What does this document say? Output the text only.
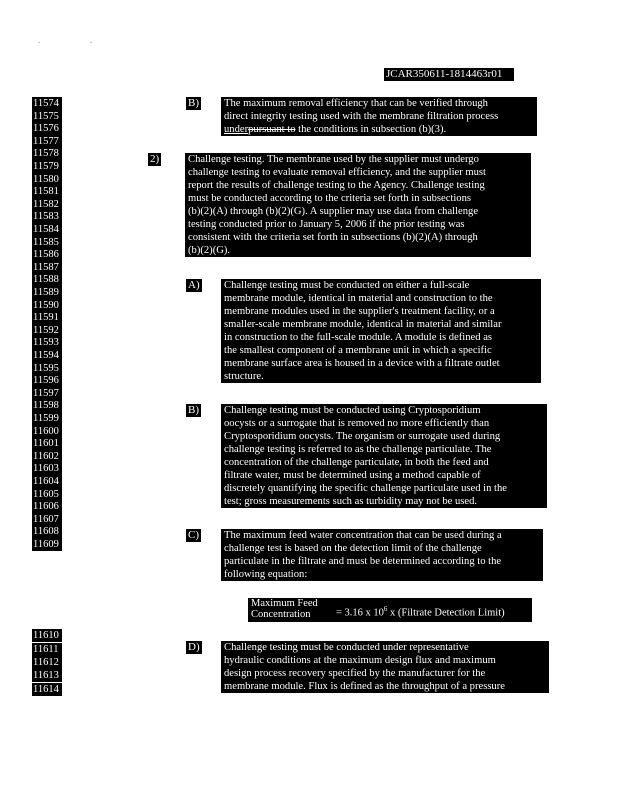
. .
JCAR350611-1814463r01
11574
11575
11576
11577
11578
11579
11580
11581
11582
11583
11584
11585
11586
11587
11588
11589
11590
11591
11592
11593
11594
11595
11596
11597
11598
11599
11600
11601
11602
11603
11604
11605
11606
11607
11608
11609
11610
11611
11612
11613
11614
B)
2)
A)
B)
C)
D)
The maximum removal efficiency that can be verified through
direct integrity testing used with the membrane filtration process
underpursuant to the conditions in subsection (b)(3).
Challenge testing. The membrane used by the supplier must undergo
challenge testing to evaluate removal efficiency, and the supplier must
report the results of challenge testing to the Agency. Challenge testing
must be conducted according to the criteria set forth in subsections
(b)(2)(A) through (b)(2)(G). A supplier may use data from challenge
testing conducted prior to January 5, 2006 if the prior testing was
consistent with the criteria set forth in subsections (b)(2)(A) through
(b)(2)(G).
Challenge testing must be conducted on either a full-scale
membrane module, identical in material and construction to the
membrane modules used in the supplier's treatment facility, or a
smaller-scale membrane module, identical in material and similar
in construction to the full-scale module. A module is defined as
the smallest component of a membrane unit in which a specific
membrane surface area is housed in a device with a filtrate outlet
structure.
Challenge testing must be conducted using Cryptosporidium
oocysts or a surrogate that is removed no more efficiently than
Cryptosporidium oocysts. The organism or surrogate used during
challenge testing is referred to as the challenge particulate. The
concentration of the challenge particulate, in both the feed and
filtrate water, must be determined using a method capable of
discretely quantifying the specific challenge particulate used in the
test; gross measurements such as turbidity may not be used.
The maximum feed water concentration that can be used during a
challenge test is based on the detection limit of the challenge
particulate in the filtrate and must be determined according to the
following equation:
Maximum Feed
Concentration	= 3.16 x $10^6$ x (Filtrate Detection Limit)
Challenge testing must be conducted under representative
hydraulic conditions at the maximum design flux and maximum
design process recovery specified by the manufacturer for the
membrane module. Flux is defined as the throughput of a pressure
